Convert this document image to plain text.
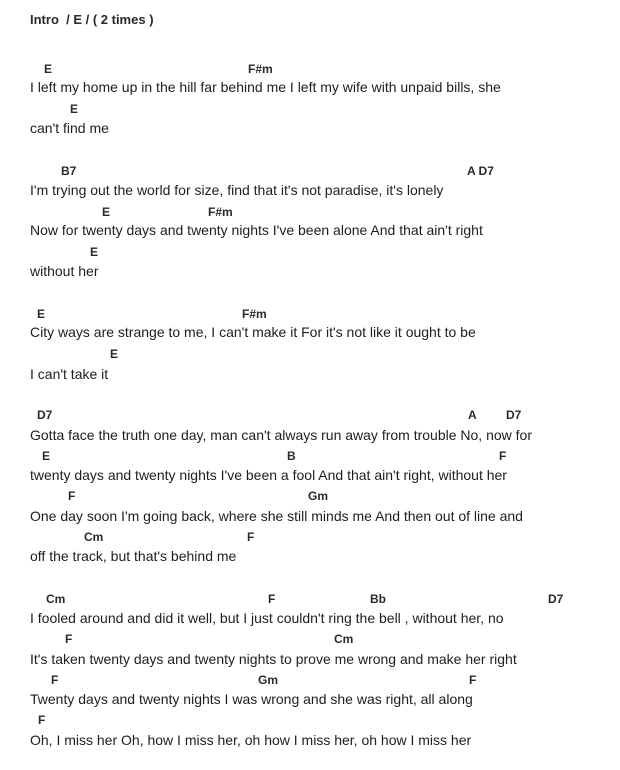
Intro  / E / ( 2 times )
E	F#m
I left my home up in the hill far behind me I left my wife with unpaid bills, she
E
can't find me
B7	A D7
I'm trying out the world for size, find that it's not paradise, it's lonely
E	F#m
Now for twenty days and twenty nights I've been alone And that ain't right
E
without her
E	F#m
City ways are strange to me, I can't make it For it's not like it ought to be
E
I can't take it
D7	A D7
Gotta face the truth one day, man can't always run away from trouble No, now for
E	B	F
twenty days and twenty nights I've been a fool And that ain't right, without her
F	Gm
One day soon I'm going back, where she still minds me And then out of line and
Cm	F
off the track, but that's behind me
Cm	F	Bb	D7
I fooled around and did it well, but I just couldn't ring the bell , without her, no
F	Cm
It's taken twenty days and twenty nights to prove me wrong and make her right
F	Gm	F
Twenty days and twenty nights I was wrong and she was right, all along
F
Oh, I miss her Oh, how I miss her, oh how I miss her, oh how I miss her
